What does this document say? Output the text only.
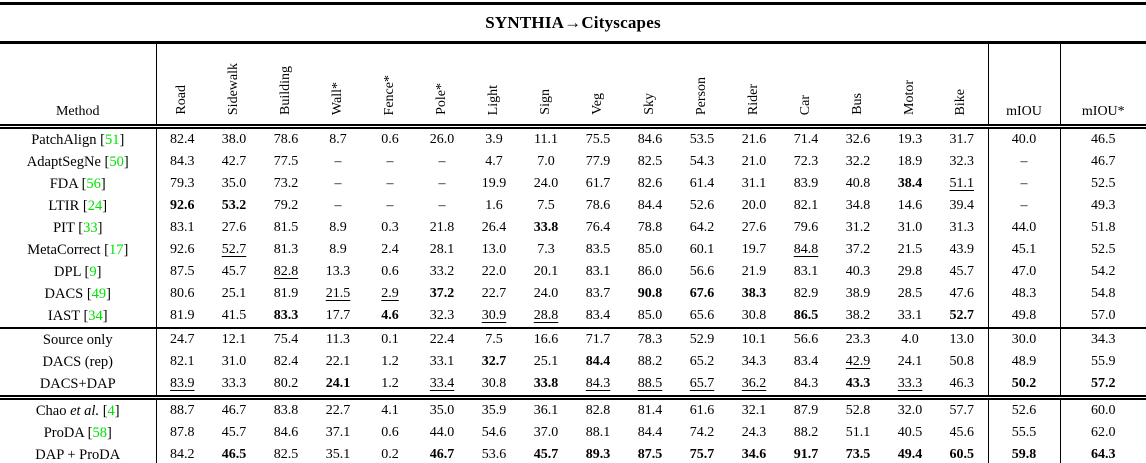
SYNTHIA→Cityscapes																		
Method	Road	Sidewalk	Building	Wall*	Fence*	Pole*	Light	Sign	Veg	Sky	Person	Rider	Car	Bus	Motor	Bike	mIOU	mIOU*
PatchAlign [51]	82.4	38.0	78.6	8.7	0.6	26.0	3.9	11.1	75.5	84.6	53.5	21.6	71.4	32.6	19.3	31.7	40.0	46.5
AdaptSegNe [50]	84.3	42.7	77.5	–	–	–	4.7	7.0	77.9	82.5	54.3	21.0	72.3	32.2	18.9	32.3	–	46.7
FDA [56]	79.3	35.0	73.2	–	–	–	19.9	24.0	61.7	82.6	61.4	31.1	83.9	40.8	38.4	51.1	–	52.5
LTIR [24]	92.6	53.2	79.2	–	–	–	1.6	7.5	78.6	84.4	52.6	20.0	82.1	34.8	14.6	39.4	–	49.3
PIT [33]	83.1	27.6	81.5	8.9	0.3	21.8	26.4	33.8	76.4	78.8	64.2	27.6	79.6	31.2	31.0	31.3	44.0	51.8
MetaCorrect [17]	92.6	52.7	81.3	8.9	2.4	28.1	13.0	7.3	83.5	85.0	60.1	19.7	84.8	37.2	21.5	43.9	45.1	52.5
DPL [9]	87.5	45.7	82.8	13.3	0.6	33.2	22.0	20.1	83.1	86.0	56.6	21.9	83.1	40.3	29.8	45.7	47.0	54.2
DACS [49]	80.6	25.1	81.9	21.5	2.9	37.2	22.7	24.0	83.7	90.8	67.6	38.3	82.9	38.9	28.5	47.6	48.3	54.8
IAST [34]	81.9	41.5	83.3	17.7	4.6	32.3	30.9	28.8	83.4	85.0	65.6	30.8	86.5	38.2	33.1	52.7	49.8	57.0
Source only	24.7	12.1	75.4	11.3	0.1	22.4	7.5	16.6	71.7	78.3	52.9	10.1	56.6	23.3	4.0	13.0	30.0	34.3
DACS (rep)	82.1	31.0	82.4	22.1	1.2	33.1	32.7	25.1	84.4	88.2	65.2	34.3	83.4	42.9	24.1	50.8	48.9	55.9
DACS+DAP	83.9	33.3	80.2	24.1	1.2	33.4	30.8	33.8	84.3	88.5	65.7	36.2	84.3	43.3	33.3	46.3	50.2	57.2
Chao et al. [4]	88.7	46.7	83.8	22.7	4.1	35.0	35.9	36.1	82.8	81.4	61.6	32.1	87.9	52.8	32.0	57.7	52.6	60.0
ProDA [58]	87.8	45.7	84.6	37.1	0.6	44.0	54.6	37.0	88.1	84.4	74.2	24.3	88.2	51.1	40.5	45.6	55.5	62.0
DAP + ProDA	84.2	46.5	82.5	35.1	0.2	46.7	53.6	45.7	89.3	87.5	75.7	34.6	91.7	73.5	49.4	60.5	59.8	64.3
